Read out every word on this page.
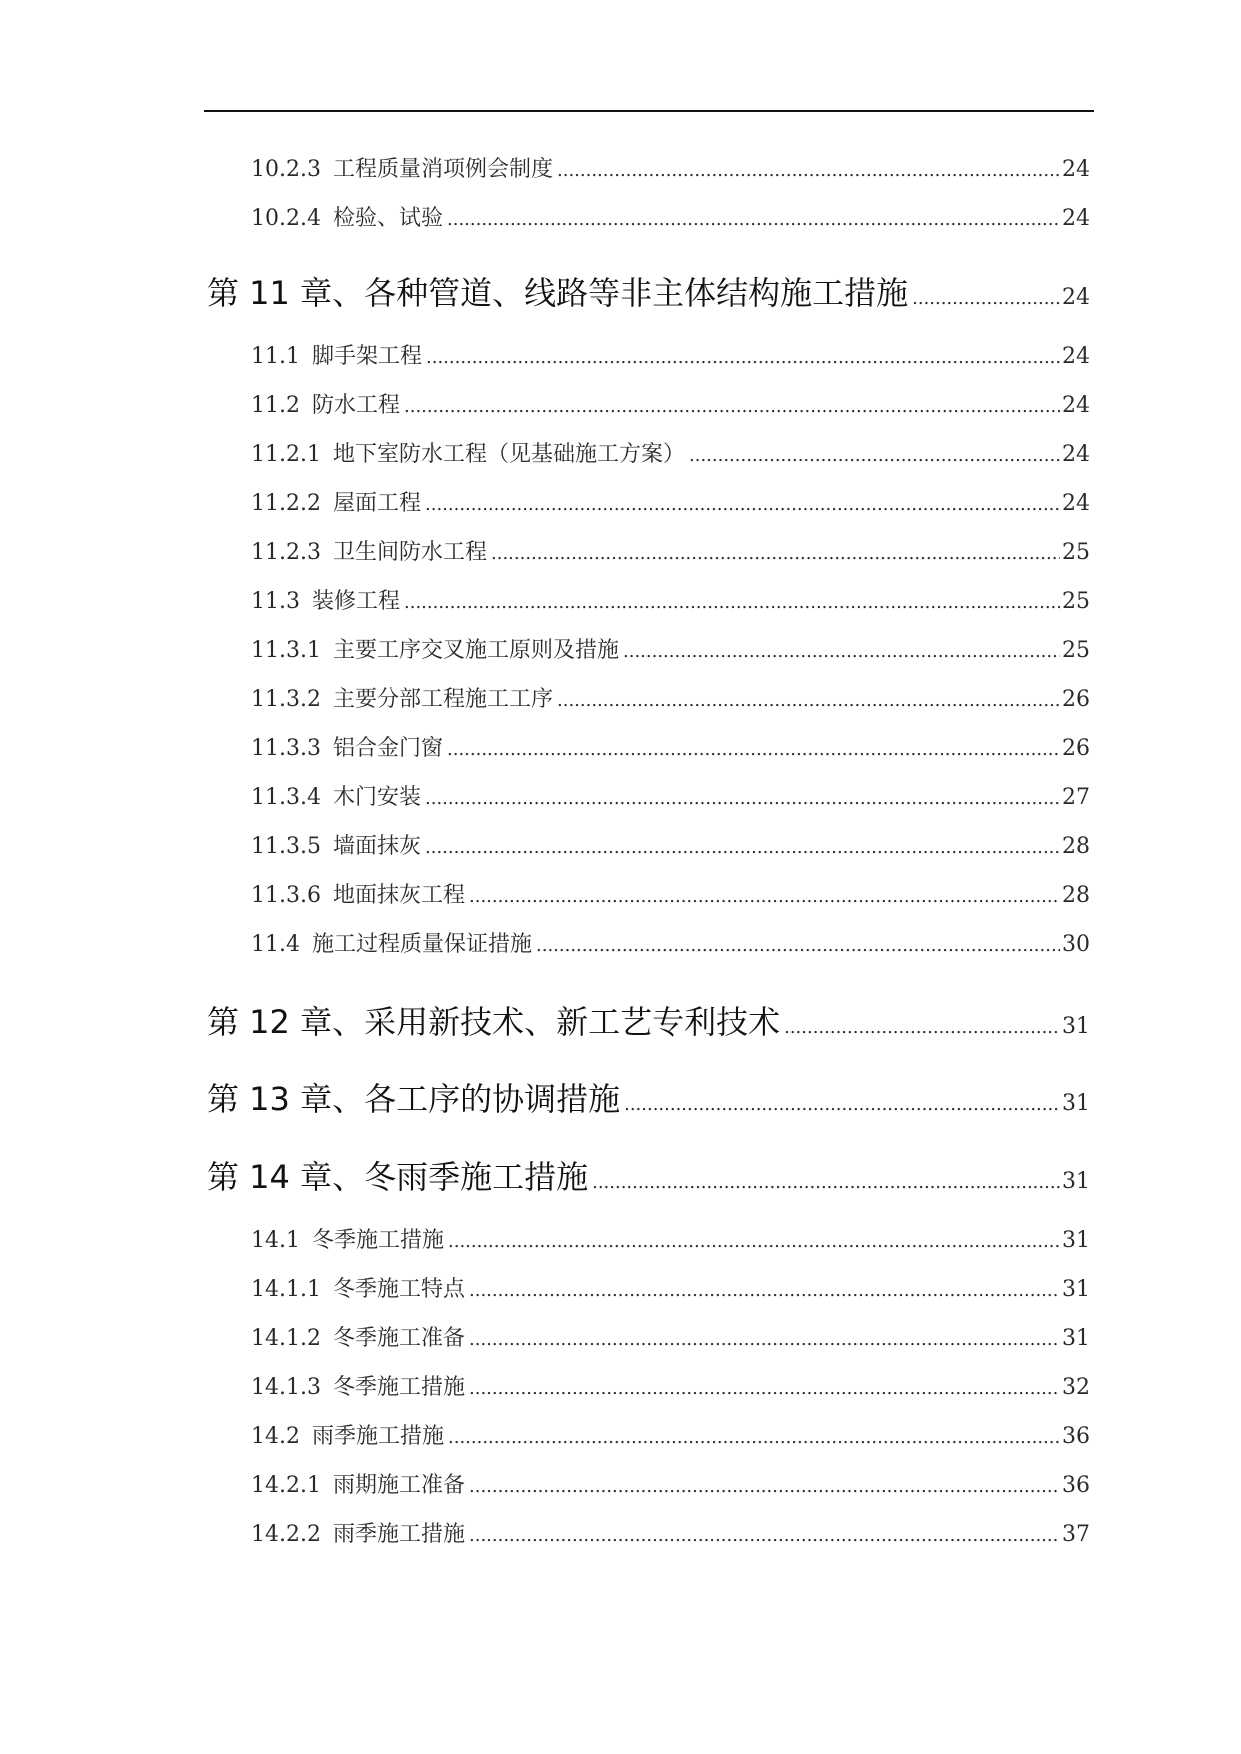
10.2.3 工程质量消项例会制度 .....	24
10.2.4 检验、试验 .....	24
第 11 章、 各种管道、线路等非主体结构施工措施 .....	24
11.1 脚手架工程 .....	24
11.2 防水工程 .....	24
11.2.1 地下室防水工程（见基础施工方案） .....	24
11.2.2 屋面工程 .....	24
11.2.3 卫生间防水工程 .....	25
11.3 装修工程 .....	25
11.3.1 主要工序交叉施工原则及措施 .....	25
11.3.2 主要分部工程施工工序 .....	26
11.3.3 铝合金门窗 .....	26
11.3.4 木门安装 .....	27
11.3.5 墙面抹灰 .....	28
11.3.6 地面抹灰工程 .....	28
11.4 施工过程质量保证措施 .....	30
第 12 章、 采用新技术、新工艺专利技术 .....	31
第 13 章、 各工序的协调措施 .....	31
第 14 章、 冬雨季施工措施 .....	31
14.1 冬季施工措施 .....	31
14.1.1 冬季施工特点 .....	31
14.1.2 冬季施工准备 .....	31
14.1.3 冬季施工措施 .....	32
14.2 雨季施工措施 .....	36
14.2.1 雨期施工准备 .....	36
14.2.2 雨季施工措施 .....	37
